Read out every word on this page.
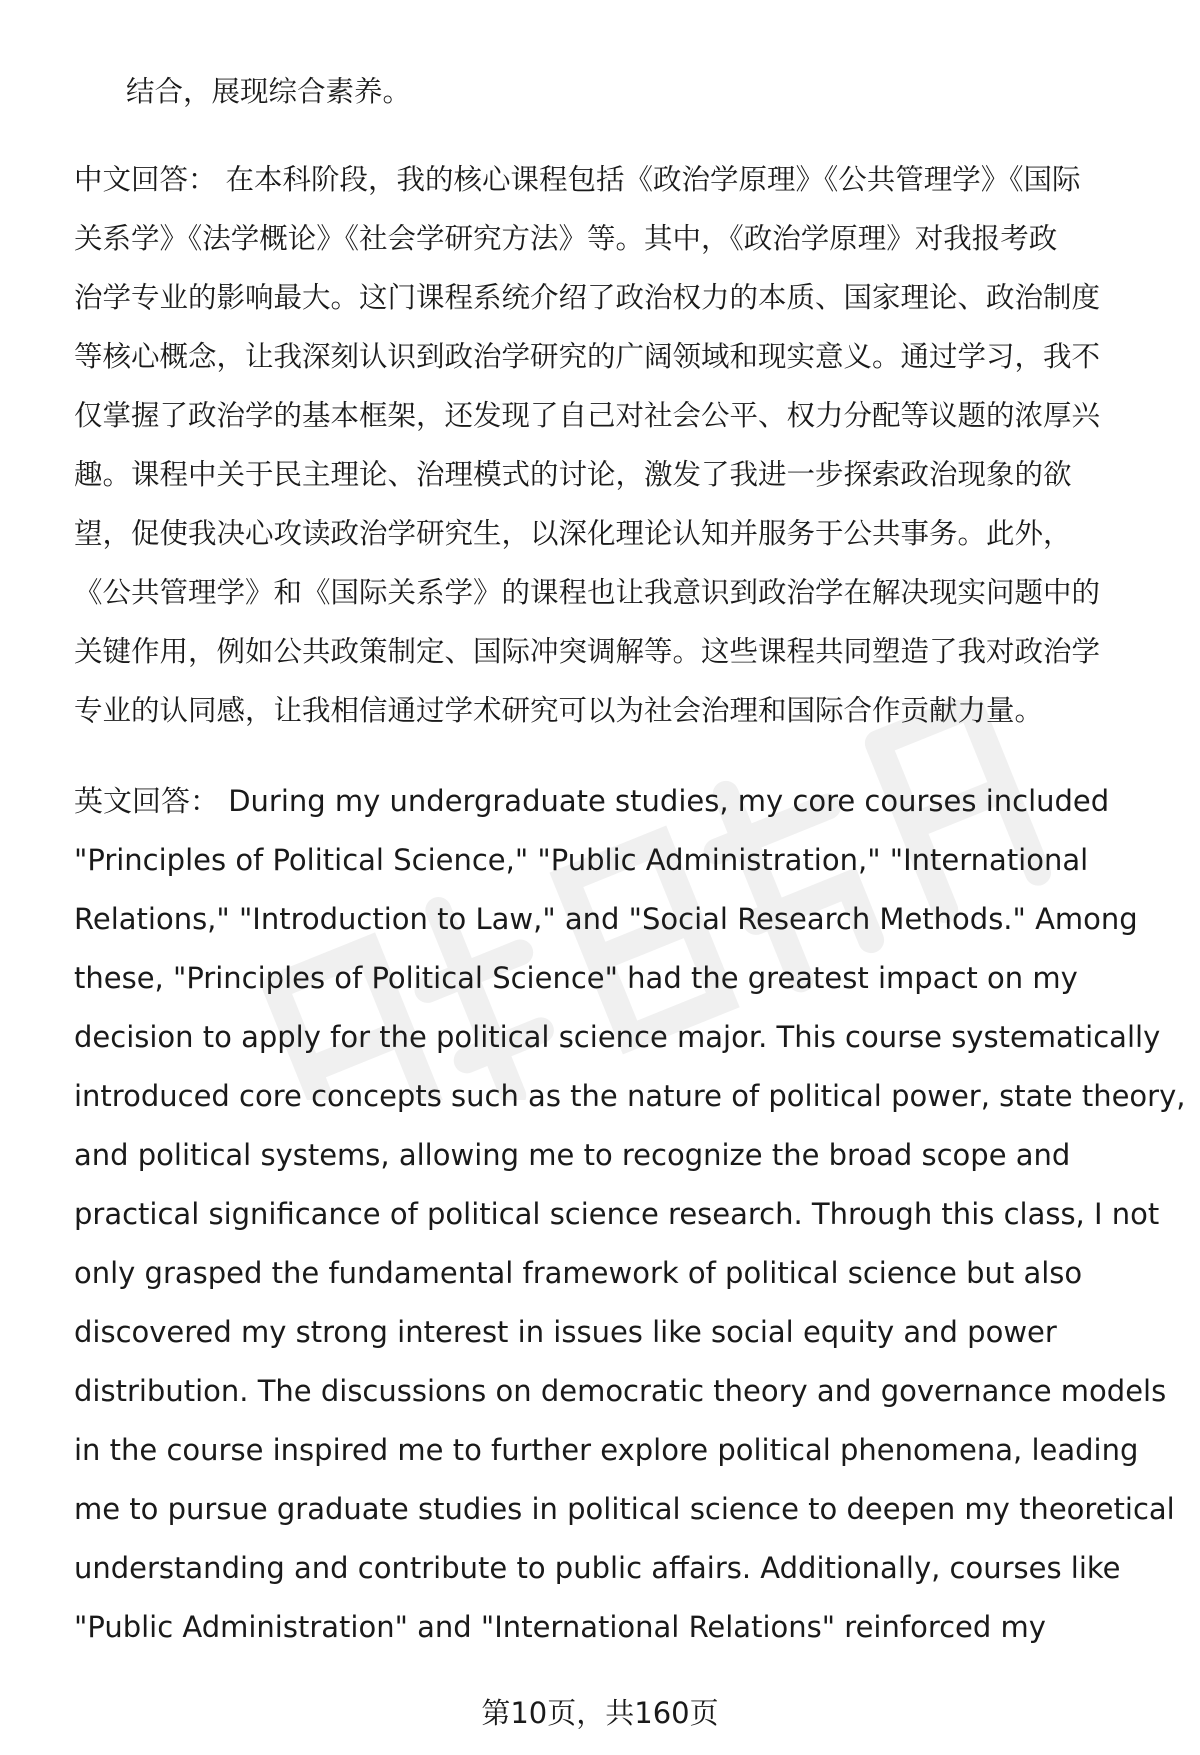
结合，展现综合素养。
中文回答： 在本科阶段，我的核心课程包括《政治学原理》《公共管理学》《国际
关系学》《法学概论》《社会学研究方法》等。其中，《政治学原理》对我报考政
治学专业的影响最大。这门课程系统介绍了政治权力的本质、国家理论、政治制度
等核心概念，让我深刻认识到政治学研究的广阔领域和现实意义。通过学习，我不
仅掌握了政治学的基本框架，还发现了自己对社会公平、权力分配等议题的浓厚兴
趣。课程中关于民主理论、治理模式的讨论，激发了我进一步探索政治现象的欲
望，促使我决心攻读政治学研究生，以深化理论认知并服务于公共事务。此外，
《公共管理学》和《国际关系学》的课程也让我意识到政治学在解决现实问题中的
关键作用，例如公共政策制定、国际冲突调解等。这些课程共同塑造了我对政治学
专业的认同感，让我相信通过学术研究可以为社会治理和国际合作贡献力量。
英文回答： During my undergraduate studies, my core courses included
"Principles of Political Science," "Public Administration," "International
Relations," "Introduction to Law," and "Social Research Methods." Among
these, "Principles of Political Science" had the greatest impact on my
decision to apply for the political science major. This course systematically
introduced core concepts such as the nature of political power, state theory,
and political systems, allowing me to recognize the broad scope and
practical significance of political science research. Through this class, I not
only grasped the fundamental framework of political science but also
discovered my strong interest in issues like social equity and power
distribution. The discussions on democratic theory and governance models
in the course inspired me to further explore political phenomena, leading
me to pursue graduate studies in political science to deepen my theoretical
understanding and contribute to public affairs. Additionally, courses like
"Public Administration" and "International Relations" reinforced my
第10页，共160页
